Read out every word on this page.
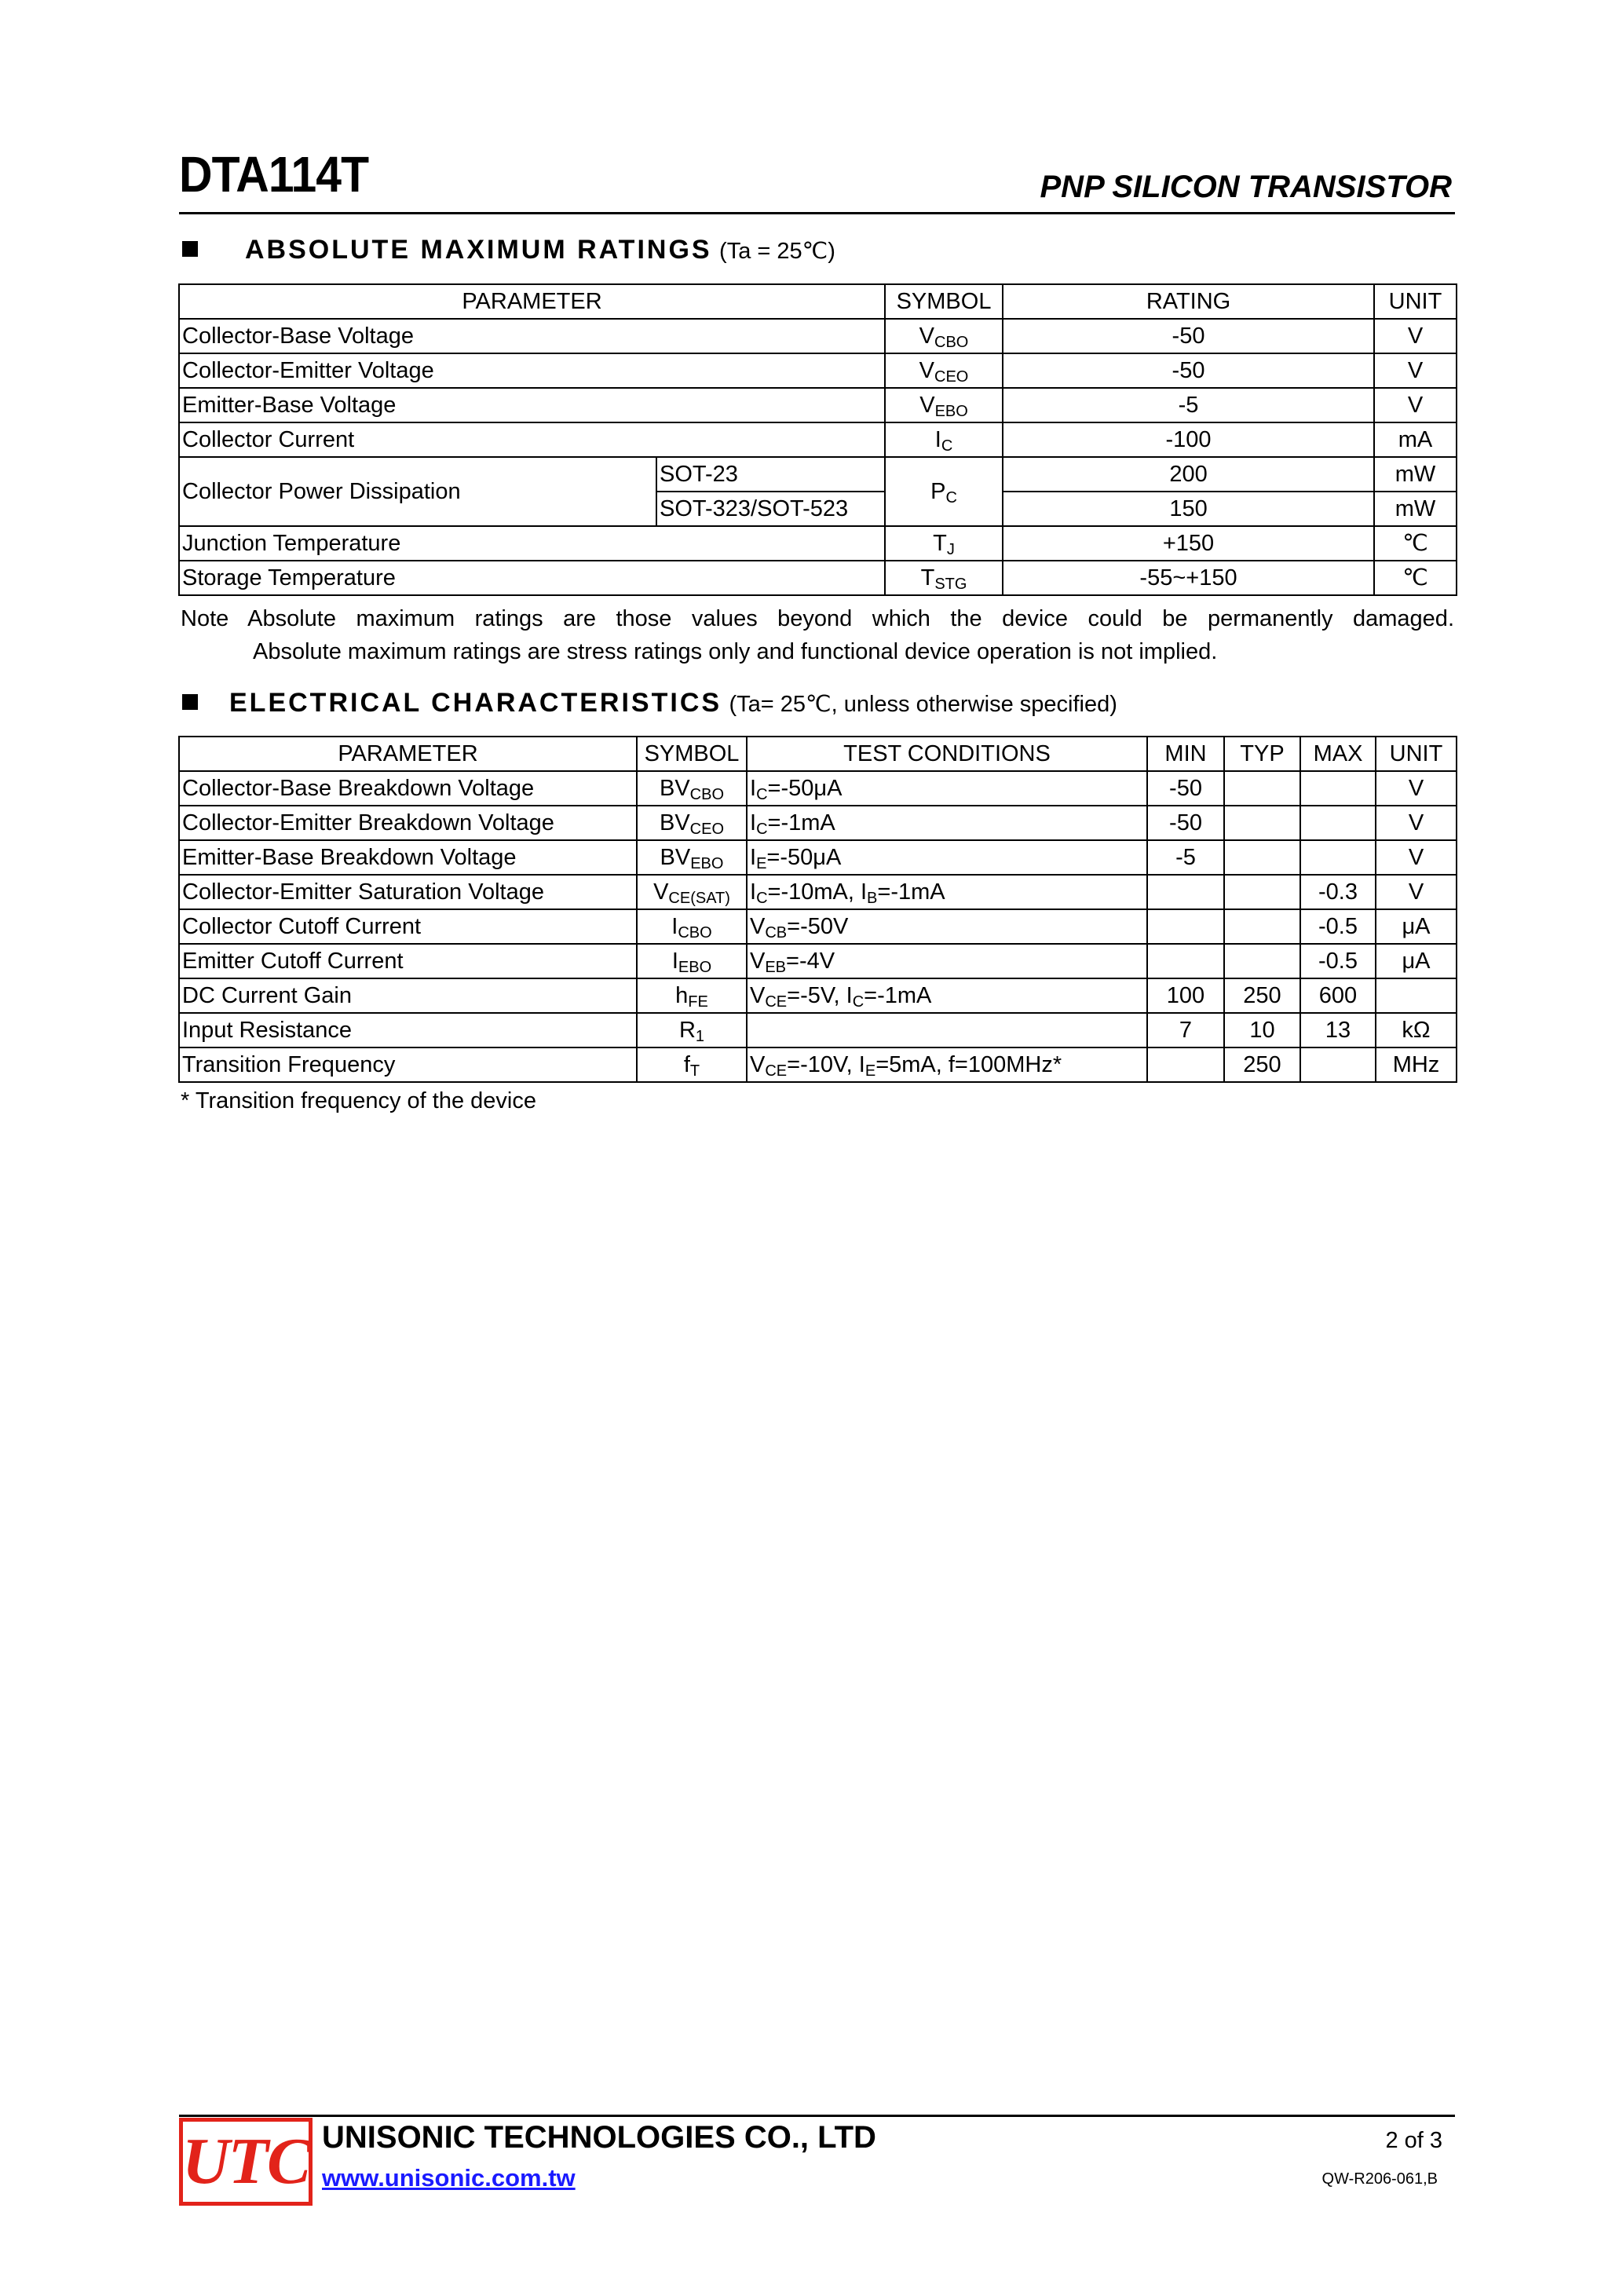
DTA114T	PNP SILICON TRANSISTOR
ABSOLUTE MAXIMUM RATINGS (Ta = 25℃)
PARAMETER		SYMBOL	RATING	UNIT
Collector-Base Voltage		$V_{CBO}$	-50	V
Collector-Emitter Voltage		$V_{CEO}$	-50	V
Emitter-Base Voltage		$V_{EBO}$	-5	V
Collector Current		$I_C$	-100	mA
Collector Power Dissipation	SOT-23	$P_C$	200	mW
	SOT-323/SOT-523		150	mW
Junction Temperature		$T_J$	+150	℃
Storage Temperature		$T_{STG}$	-55~+150	℃
Note Absolute maximum ratings are those values beyond which the device could be permanently damaged.
Absolute maximum ratings are stress ratings only and functional device operation is not implied.
ELECTRICAL CHARACTERISTICS (Ta= 25℃, unless otherwise specified)
PARAMETER	SYMBOL	TEST CONDITIONS	MIN	TYP	MAX	UNIT
Collector-Base Breakdown Voltage	$BV_{CBO}$	$I_C=-50\mu A$	-50			V
Collector-Emitter Breakdown Voltage	$BV_{CEO}$	$I_C=-1mA$	-50			V
Emitter-Base Breakdown Voltage	$BV_{EBO}$	$I_E=-50\mu A$	-5			V
Collector-Emitter Saturation Voltage	$V_{CE(SAT)}$	$I_C=-10mA$, $I_B=-1mA$			-0.3	V
Collector Cutoff Current	$I_{CBO}$	$V_{CB}=-50V$			-0.5	μA
Emitter Cutoff Current	$I_{EBO}$	$V_{EB}=-4V$			-0.5	μA
DC Current Gain	$h_{FE}$	$V_{CE}=-5V$, $I_C=-1mA$	100	250	600	
Input Resistance	$R_1$		7	10	13	kΩ
Transition Frequency	$f_T$	$V_{CE}=-10V$, $I_E=5mA$, f=100MHz*		250		MHz
* Transition frequency of the device
UTC UNISONIC TECHNOLOGIES CO., LTD
www.unisonic.com.tw
2 of 3
QW-R206-061,B
